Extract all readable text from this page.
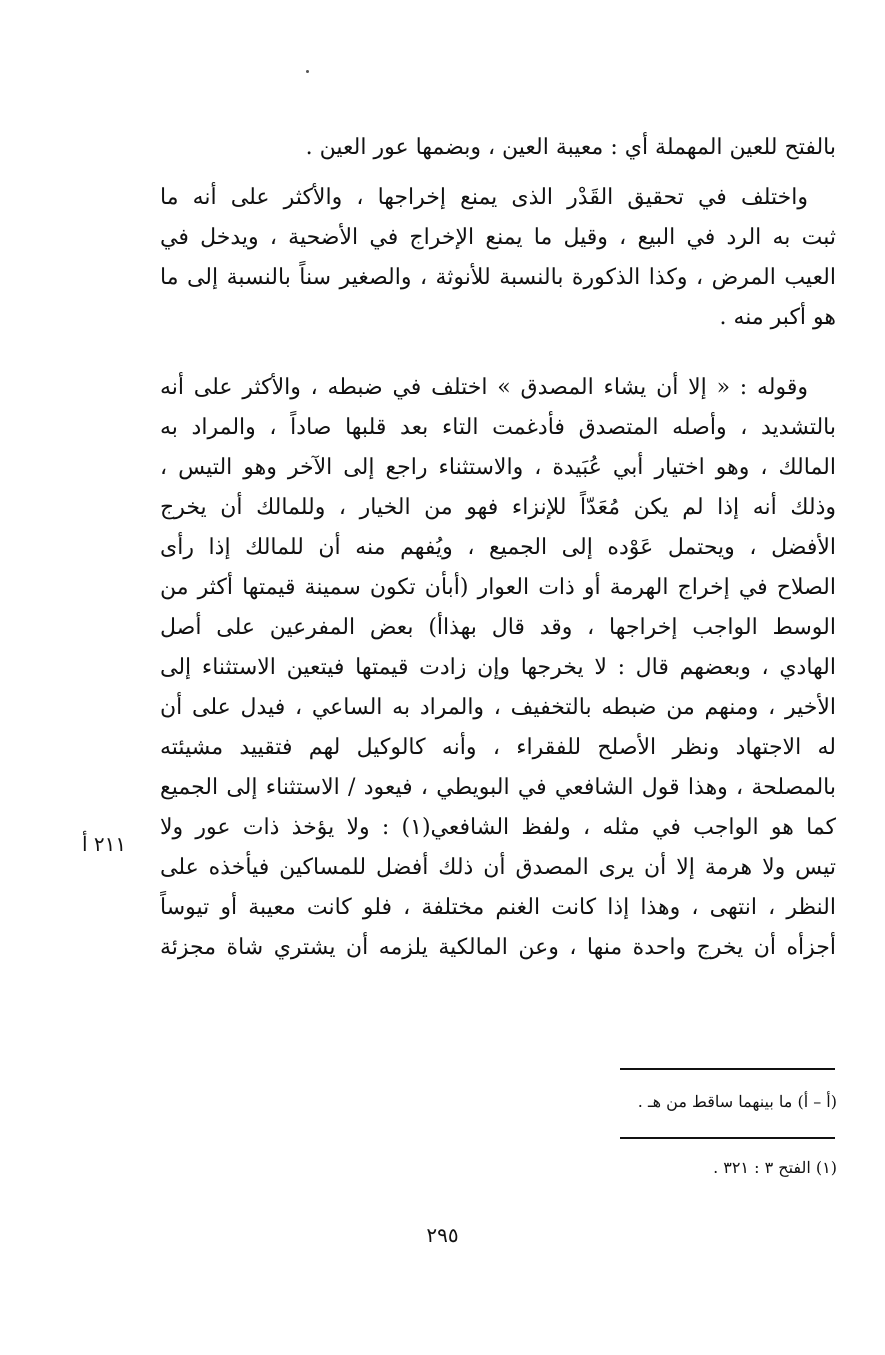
بالفتح للعين المهملة أي : معيبة العين ، وبضمها عور العين .
واختلف في تحقيق القَدْر الذى يمنع إخراجها ، والأكثر على أنه ما
ثبت به الرد في البيع ، وقيل ما يمنع الإخراج في الأضحية ، ويدخل في
العيب المرض ، وكذا الذكورة بالنسبة للأنوثة ، والصغير سناً بالنسبة إلى ما
هو أكبر منه .
وقوله : « إلا أن يشاء المصدق » اختلف في ضبطه ، والأكثر على أنه
بالتشديد ، وأصله المتصدق فأدغمت التاء بعد قلبها صاداً ، والمراد به
المالك ، وهو اختيار أبي عُبَيدة ، والاستثناء راجع إلى الآخر وهو التيس ،
وذلك أنه إذا لم يكن مُعَدّاً للإنزاء فهو من الخيار ، وللمالك أن يخرج
الأفضل ، ويحتمل عَوْده إلى الجميع ، ويُفهم منه أن للمالك إذا رأى
الصلاح في إخراج الهرمة أو ذات العوار (أبأن تكون سمينة قيمتها أكثر من
الوسط الواجب إخراجها ، وقد قال بهذاأ) بعض المفرعين على أصل
الهادي ، وبعضهم قال : لا يخرجها وإن زادت قيمتها فيتعين الاستثناء إلى
الأخير ، ومنهم من ضبطه بالتخفيف ، والمراد به الساعي ، فيدل على أن
له الاجتهاد ونظر الأصلح للفقراء ، وأنه كالوكيل لهم فتقييد مشيئته
بالمصلحة ، وهذا قول الشافعي في البويطي ، فيعود / الاستثناء إلى الجميع
كما هو الواجب في مثله ، ولفظ الشافعي(١) : ولا يؤخذ ذات عور ولا
تيس ولا هرمة إلا أن يرى المصدق أن ذلك أفضل للمساكين فيأخذه على
النظر ، انتهى ، وهذا إذا كانت الغنم مختلفة ، فلو كانت معيبة أو تيوساً
أجزأه أن يخرج واحدة منها ، وعن المالكية يلزمه أن يشتري شاة مجزئة
٢١١ أ
(أ – أ) ما بينهما ساقط من هـ .
(١) الفتح ٣ : ٣٢١ .
٢٩٥
